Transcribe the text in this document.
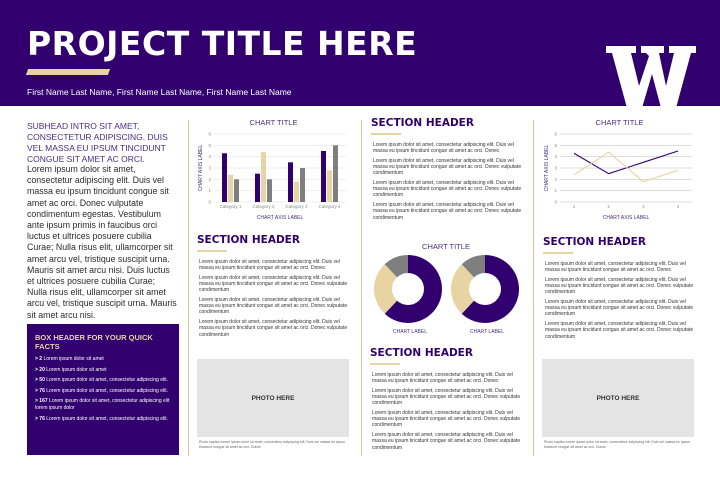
PROJECT TITLE HERE
First Name Last Name, First Name Last Name, First Name Last Name
SUBHEAD INTRO SIT AMET, CONSECTETUR ADIPISCING. DUIS VEL MASSA EU IPSUM TINCIDUNT CONGUE SIT AMET AC ORCI.
Lorem ipsum dolor sit amet, consectetur adipiscing elit. Duis vel massa eu ipsum tincidunt congue sit amet ac orci. Donec vulputate condimentum egestas. Vestibulum ante ipsum primis in faucibus orci luctus et ultrices posuere cubilia Curae; Nulla risus elit, ullamcorper sit amet arcu vel, tristique suscipit urna. Mauris sit amet arcu nisi. Duis luctus et ultrices posuere cubilia Curae; Nulla risus elit, ullamcorper sit amet arcu vel, tristique suscipit urna. Mauris sit amet arcu nisi.
BOX HEADER FOR YOUR QUICK FACTS
> 2 Lorem ipsum dolor sit amet
> 20 Lorem ipsum dolor sit amet
> 50 Lorem ipsum dolor sit amet, consectetur adipiscing elit.
> 76 Lorem ipsum dolor sit amet, consectetur adipiscing elit.
> 167 Lorem ipsum dolor sit amet, consectetur adipiscing elit lorem ipsum dolor
> 76 Lorem ipsum dolor sit amet, consectetur adipiscing elit.
CHART TITLE
0
1
2
3
4
5
6
Category 1 Category 2 Category 3 Category 4
CHART AXIS LABEL
CHART AXIS LABEL
SECTION HEADER

Lorem ipsum dolor sit amet, consectetur adipiscing elit. Duis vel massa eu ipsum tincidunt congue sit amet ac orci. Donec

Lorem ipsum dolor sit amet, consectetur adipiscing elit. Duis vel massa eu ipsum tincidunt congue sit amet ac orci. Donec vulputate condimentum

Lorem ipsum dolor sit amet, consectetur adipiscing elit. Duis vel massa eu ipsum tincidunt congue sit amet ac orci. Donec vulputate condimentum

Lorem ipsum dolor sit amet, consectetur adipiscing elit. Duis vel massa eu ipsum tincidunt congue sit amet ac orci. Donec vulputate condimentum

PHOTO HERE
Photo caption lorem ipsum dolor sit amet, consectetur adipiscing elit. Duis vel massa eu ipsum tincidunt congue sit amet ac orci. Donec
SECTION HEADER

Lorem ipsum dolor sit amet, consectetur adipiscing elit. Duis vel massa eu ipsum tincidunt congue sit amet ac orci. Donec

Lorem ipsum dolor sit amet, consectetur adipiscing elit. Duis vel massa eu ipsum tincidunt congue sit amet ac orci. Donec vulputate condimentum

Lorem ipsum dolor sit amet, consectetur adipiscing elit. Duis vel massa eu ipsum tincidunt congue sit amet ac orci. Donec vulputate condimentum

Lorem ipsum dolor sit amet, consectetur adipiscing elit. Duis vel massa eu ipsum tincidunt congue sit amet ac orci. Donec vulputate condimentum

CHART TITLE
CHART LABEL	CHART LABEL
SECTION HEADER

Lorem ipsum dolor sit amet, consectetur adipiscing elit. Duis vel massa eu ipsum tincidunt congue sit amet ac orci. Donec

Lorem ipsum dolor sit amet, consectetur adipiscing elit. Duis vel massa eu ipsum tincidunt congue sit amet ac orci. Donec vulputate condimentum

Lorem ipsum dolor sit amet, consectetur adipiscing elit. Duis vel massa eu ipsum tincidunt congue sit amet ac orci. Donec vulputate condimentum

Lorem ipsum dolor sit amet, consectetur adipiscing elit. Duis vel massa eu ipsum tincidunt congue sit amet ac orci. Donec vulputate condimentum

CHART TITLE
0
1
2
3
4
5
6
1	2	3	4
CHART AXIS LABEL
CHART AXIS LABEL
SECTION HEADER

Lorem ipsum dolor sit amet, consectetur adipiscing elit. Duis vel massa eu ipsum tincidunt congue sit amet ac orci. Donec

Lorem ipsum dolor sit amet, consectetur adipiscing elit. Duis vel massa eu ipsum tincidunt congue sit amet ac orci. Donec vulputate condimentum

Lorem ipsum dolor sit amet, consectetur adipiscing elit. Duis vel massa eu ipsum tincidunt congue sit amet ac orci. Donec vulputate condimentum

Lorem ipsum dolor sit amet, consectetur adipiscing elit. Duis vel massa eu ipsum tincidunt congue sit amet ac orci. Donec vulputate condimentum

PHOTO HERE
Photo caption lorem ipsum dolor sit amet, consectetur adipiscing elit. Duis vel massa eu ipsum tincidunt congue sit amet ac orci. Donec
